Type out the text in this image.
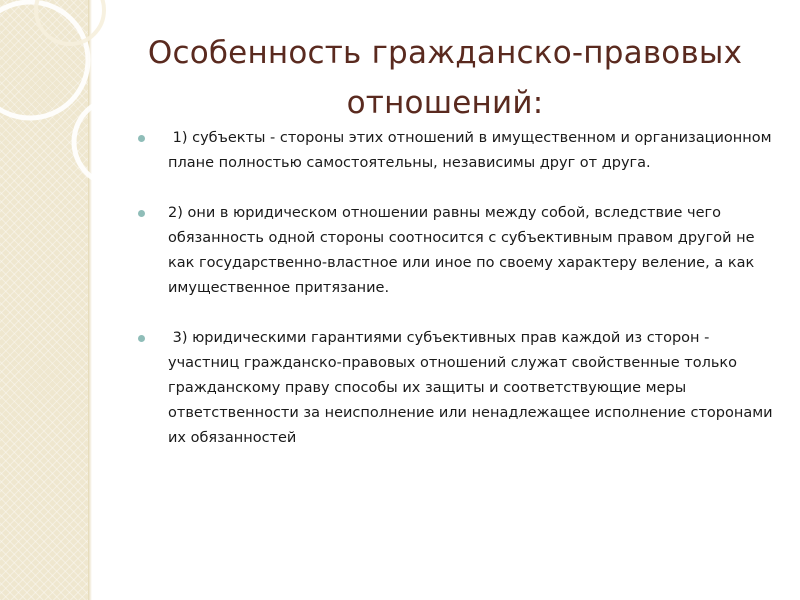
Особенность гражданско-правовых отношений:
1) субъекты - стороны этих отношений в имущественном и организационном плане полностью самостоятельны, независимы друг от друга.
2) они в юридическом отношении равны между собой, вследствие чего обязанность одной стороны соотносится с субъективным правом другой не как государственно-властное или иное по своему характеру веление, а как имущественное притязание.
3) юридическими гарантиями субъективных прав каждой из сторон - участниц гражданско-правовых отношений служат свойственные только гражданскому праву способы их защиты и соответствующие меры ответственности за неисполнение или ненадлежащее исполнение сторонами их обязанностей
